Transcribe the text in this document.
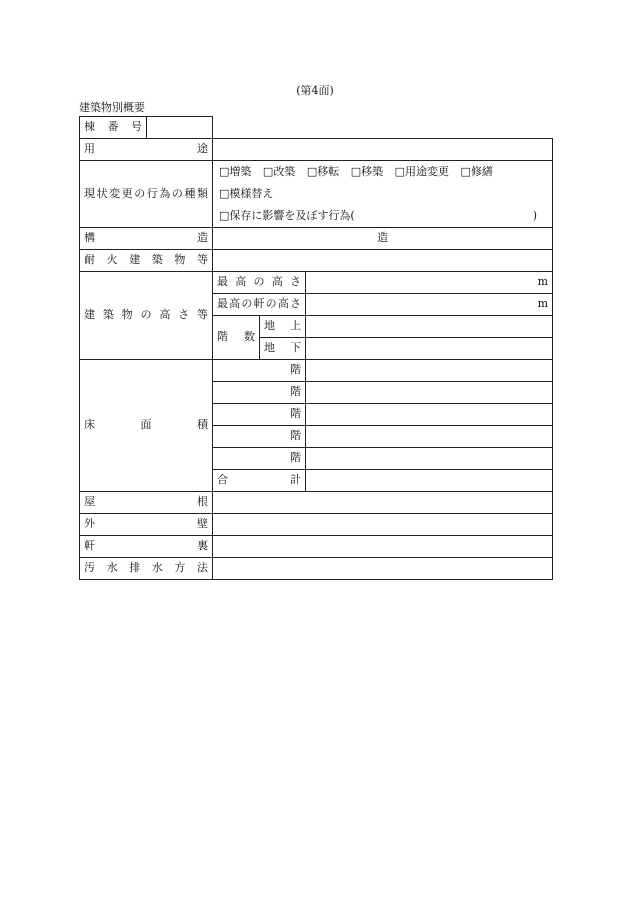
(第4面)
建築物別概要
棟番号				
用途				
現状変更の行為の種類		□増築 □改築 □移転 □移築 □用途変更 □修繕
□模様替え
□保存に影響を及ぼす行為( )		

構造		造		
耐火建築物等				
建築物の高さ等		最高の高さ		m
		最高の軒の高さ		m
		階数	地上	
			地下	
床面積		階		
		階		
		階		
		階		
		階		
		合計		
屋根				
外壁				
軒裏				
汚水排水方法				
